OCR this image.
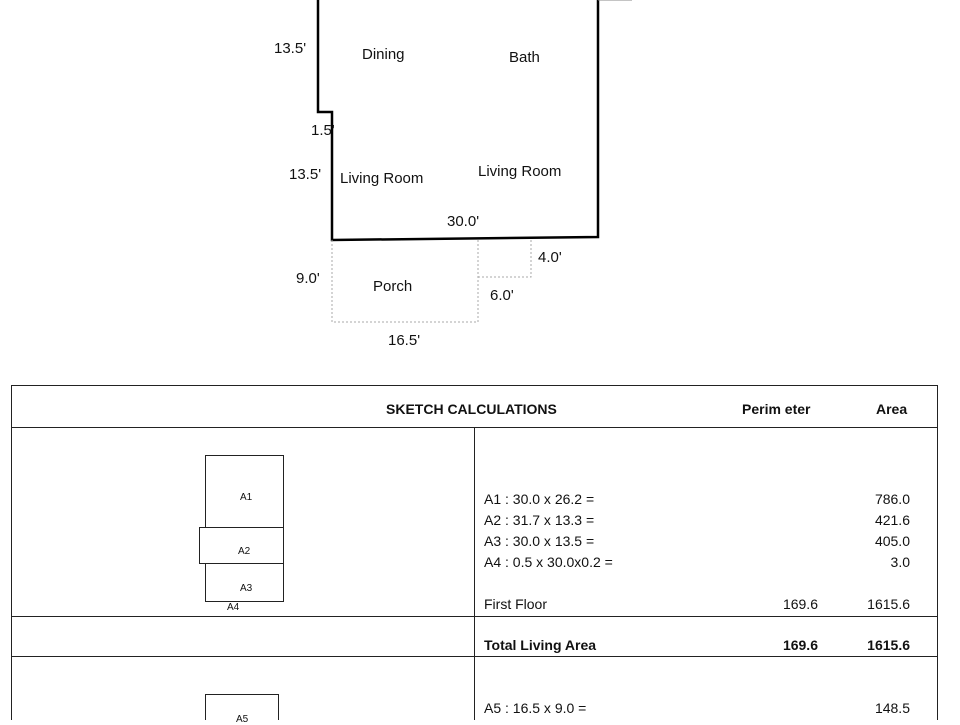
13.5'
1.5'
13.5'
30.0'
9.0'
16.5'
4.0'
6.0'
Dining	Bath
Living Room	Living Room
Porch
SKETCH CALCULATIONS	Perim eter	Area
A1
A2
A3
A4
A1 : 30.0 x 26.2 =	786.0
A2 : 31.7 x 13.3 =	421.6
A3 : 30.0 x 13.5 =	405.0
A4 : 0.5 x 30.0x0.2 =	3.0
First Floor	169.6	1615.6
Total Living Area	169.6	1615.6
A5
A5 : 16.5 x 9.0 =	148.5
